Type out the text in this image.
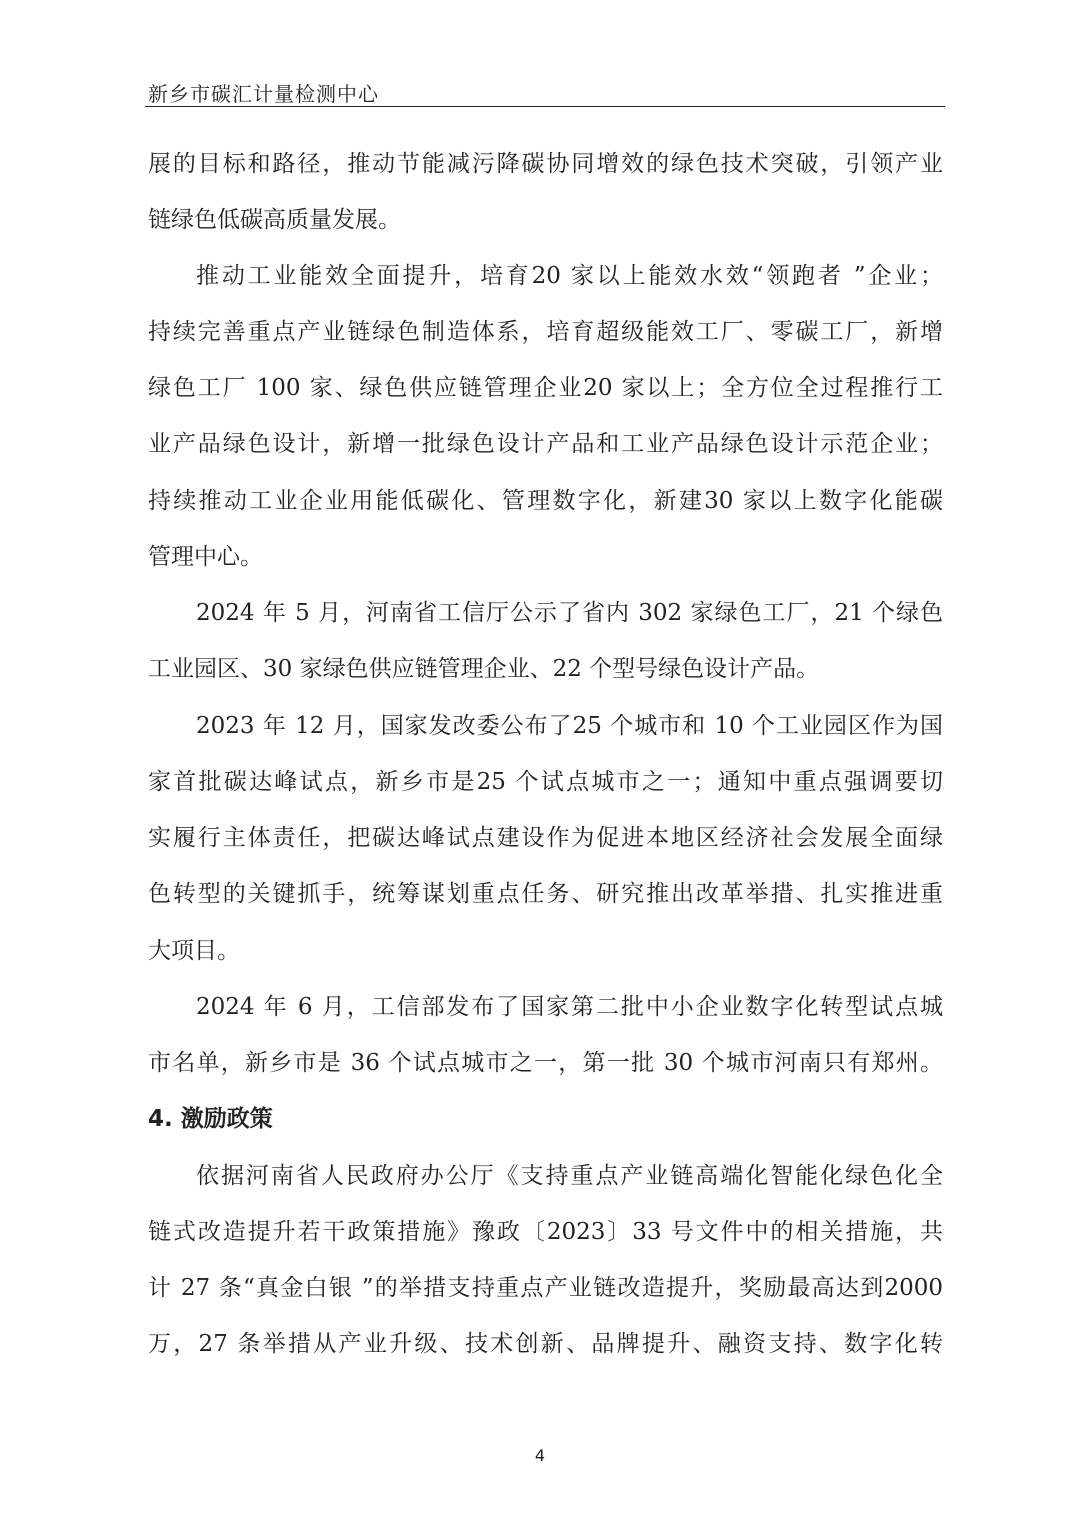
新乡市碳汇计量检测中心
展的目标和路径，推动节能减污降碳协同增效的绿色技术突破，引领产业
链绿色低碳高质量发展。
推动工业能效全面提升，培育20 家以上能效水效“领跑者 ”企业；
持续完善重点产业链绿色制造体系，培育超级能效工厂、零碳工厂，新增
绿色工厂 100 家、绿色供应链管理企业20 家以上；全方位全过程推行工
业产品绿色设计，新增一批绿色设计产品和工业产品绿色设计示范企业；
持续推动工业企业用能低碳化、管理数字化，新建30 家以上数字化能碳
管理中心。
2024 年 5 月，河南省工信厅公示了省内 302 家绿色工厂，21 个绿色
工业园区、30 家绿色供应链管理企业、22 个型号绿色设计产品。
2023 年 12 月，国家发改委公布了25 个城市和 10 个工业园区作为国
家首批碳达峰试点，新乡市是25 个试点城市之一；通知中重点强调要切
实履行主体责任，把碳达峰试点建设作为促进本地区经济社会发展全面绿
色转型的关键抓手，统筹谋划重点任务、研究推出改革举措、扎实推进重
大项目。
2024 年 6 月，工信部发布了国家第二批中小企业数字化转型试点城
市名单，新乡市是 36 个试点城市之一，第一批 30 个城市河南只有郑州。
4. 激励政策
依据河南省人民政府办公厅《支持重点产业链高端化智能化绿色化全
链式改造提升若干政策措施》豫政〔2023〕33 号文件中的相关措施，共
计 27 条“真金白银 ”的举措支持重点产业链改造提升，奖励最高达到2000
万，27 条举措从产业升级、技术创新、品牌提升、融资支持、数字化转
4
